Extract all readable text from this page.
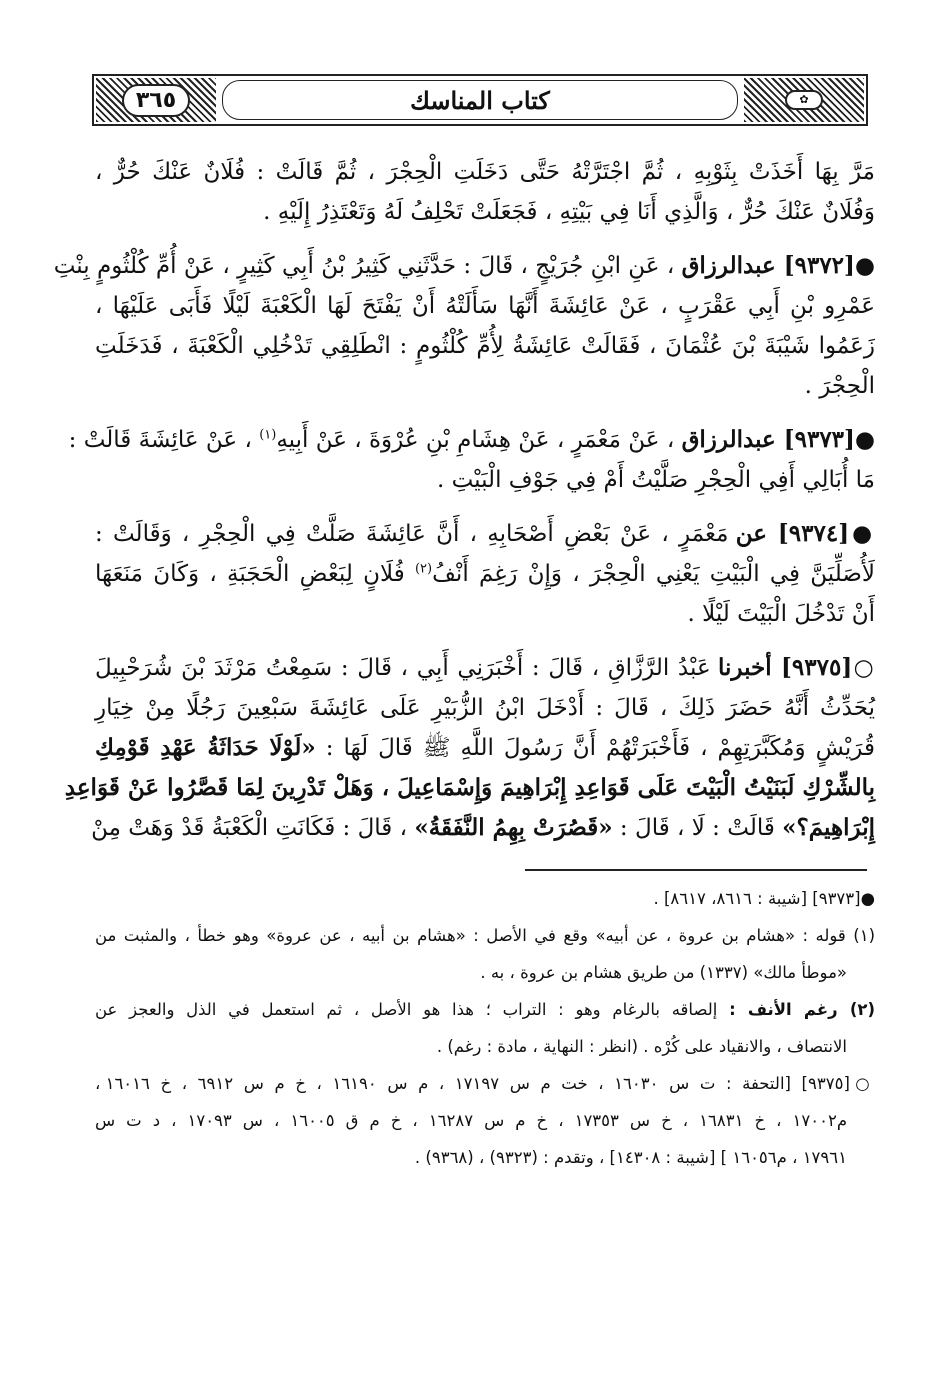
٣٦٥	كتاب المناسك	✿
مَرَّ بِهَا أَخَذَتْ بِثَوْبِهِ ، ثُمَّ اجْتَرَّتْهُ حَتَّى دَخَلَتِ الْحِجْرَ ، ثُمَّ قَالَتْ : فُلَانٌ عَنْكَ حُرٌّ ،
وَفُلَانٌ عَنْكَ حُرٌّ ، وَالَّذِي أَنَا فِي بَيْتِهِ ، فَجَعَلَتْ تَحْلِفُ لَهُ وَتَعْتَذِرُ إِلَيْهِ .
●[٩٣٧٢] عبدالرزاق ، عَنِ ابْنِ جُرَيْجٍ ، قَالَ : حَدَّثَنِي كَثِيرُ بْنُ أَبِي كَثِيرٍ ، عَنْ أُمِّ كُلْثُومٍ بِنْتِ
عَمْرِو بْنِ أَبِي عَقْرَبٍ ، عَنْ عَائِشَةَ أَنَّهَا سَأَلَتْهُ أَنْ يَفْتَحَ لَهَا الْكَعْبَةَ لَيْلًا فَأَبَى عَلَيْهَا ،
زَعَمُوا شَيْبَةَ بْنَ عُثْمَانَ ، فَقَالَتْ عَائِشَةُ لِأُمِّ كُلْثُومٍ : انْطَلِقِي تَدْخُلِي الْكَعْبَةَ ، فَدَخَلَتِ
الْحِجْرَ .
●[٩٣٧٣] عبدالرزاق ، عَنْ مَعْمَرٍ ، عَنْ هِشَامِ بْنِ عُرْوَةَ ، عَنْ أَبِيهِ$^{(١)}$ ، عَنْ عَائِشَةَ قَالَتْ :
مَا أُبَالِي أَفِي الْحِجْرِ صَلَّيْتُ أَمْ فِي جَوْفِ الْبَيْتِ .
●[٩٣٧٤] عن مَعْمَرٍ ، عَنْ بَعْضِ أَصْحَابِهِ ، أَنَّ عَائِشَةَ صَلَّتْ فِي الْحِجْرِ ، وَقَالَتْ :
لَأُصَلِّيَنَّ فِي الْبَيْتِ يَعْنِي الْحِجْرَ ، وَإِنْ رَغِمَ أَنْفُ$^{(٢)}$ فُلَانٍ لِبَعْضِ الْحَجَبَةِ ، وَكَانَ مَنَعَهَا
أَنْ تَدْخُلَ الْبَيْتَ لَيْلًا .
○[٩٣٧٥] أخبرنا عَبْدُ الرَّزَّاقِ ، قَالَ : أَخْبَرَنِي أَبِي ، قَالَ : سَمِعْتُ مَرْثَدَ بْنَ شُرَحْبِيلَ
يُحَدِّثُ أَنَّهُ حَضَرَ ذَلِكَ ، قَالَ : أَدْخَلَ ابْنُ الزُّبَيْرِ عَلَى عَائِشَةَ سَبْعِينَ رَجُلًا مِنْ خِيَارِ
قُرَيْشٍ وَمُكَبَّرَتِهِمْ ، فَأَخْبَرَتْهُمْ أَنَّ رَسُولَ اللَّهِ ﷺ قَالَ لَهَا : «لَوْلَا حَدَاثَةُ عَهْدِ قَوْمِكِ
بِالشِّرْكِ لَبَنَيْتُ الْبَيْتَ عَلَى قَوَاعِدِ إِبْرَاهِيمَ وَإِسْمَاعِيلَ ، وَهَلْ تَدْرِينَ لِمَا قَصَّرُوا عَنْ قَوَاعِدِ
إِبْرَاهِيمَ؟» قَالَتْ : لَا ، قَالَ : «قَصُرَتْ بِهِمُ النَّفَقَةُ» ، قَالَ : فَكَانَتِ الْكَعْبَةُ قَدْ وَهَتْ مِنْ
●[٩٣٧٣] [شيبة : ٨٦١٦، ٨٦١٧] .
(١) قوله : «هشام بن عروة ، عن أبيه» وقع في الأصل : «هشام بن أبيه ، عن عروة» وهو خطأ ، والمثبت من
«موطأ مالك» (١٣٣٧) من طريق هشام بن عروة ، به .
(٢) رغم الأنف : إلصاقه بالرغام وهو : التراب ؛ هذا هو الأصل ، ثم استعمل في الذل والعجز عن
الانتصاف ، والانقياد على كُرْه . (انظر : النهاية ، مادة : رغم) .
○[٩٣٧٥] [التحفة : ت س ١٦٠٣٠ ، خت م س ١٧١٩٧ ، م س ١٦١٩٠ ، خ م س ٦٩١٢ ، خ ١٦٠١٦ ،
م١٧٠٠٢ ، خ ١٦٨٣١ ، خ س ١٧٣٥٣ ، خ م س ١٦٢٨٧ ، خ م ق ١٦٠٠٥ ، س ١٧٠٩٣ ، د ت س
١٧٩٦١ ، م١٦٠٥٦ ] [شيبة : ١٤٣٠٨] ، وتقدم : (٩٣٢٣) ، (٩٣٦٨) .
